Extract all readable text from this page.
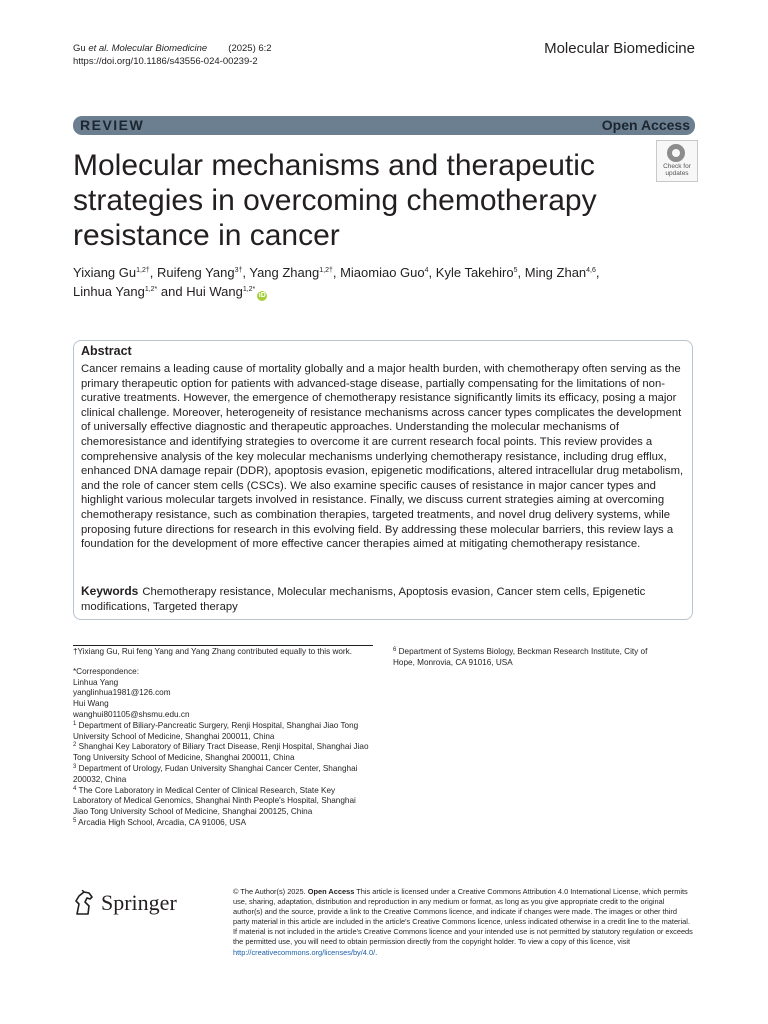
Gu et al. Molecular Biomedicine (2025) 6:2
https://doi.org/10.1186/s43556-024-00239-2
Molecular Biomedicine
REVIEW	Open Access
Molecular mechanisms and therapeutic strategies in overcoming chemotherapy resistance in cancer
Check for
updates
Yixiang $Gu^{1,2\dagger}$, Ruifeng Yang$^{3\dagger}$, Yang Zhang$^{1,2\dagger}$, Miaomiao Guo$^4$, Kyle Takehiro$^5$, Ming Zhan$^{4,6}$, Linhua Yang$^{1,2*}$ and Hui Wang$^{1,2*}$iD
Abstract
Cancer remains a leading cause of mortality globally and a major health burden, with chemotherapy often serving as the primary therapeutic option for patients with advanced-stage disease, partially compensating for the limitations of non-curative treatments. However, the emergence of chemotherapy resistance significantly limits its efficacy, posing a major clinical challenge. Moreover, heterogeneity of resistance mechanisms across cancer types complicates the development of universally effective diagnostic and therapeutic approaches. Understanding the molecular mechanisms of chemoresistance and identifying strategies to overcome it are current research focal points. This review provides a comprehensive analysis of the key molecular mechanisms underlying chemotherapy resistance, including drug efflux, enhanced DNA damage repair (DDR), apoptosis evasion, epigenetic modifications, altered intracellular drug metabolism, and the role of cancer stem cells (CSCs). We also examine specific causes of resistance in major cancer types and highlight various molecular targets involved in resistance. Finally, we discuss current strategies aiming at overcoming chemotherapy resistance, such as combination therapies, targeted treatments, and novel drug delivery systems, while proposing future directions for research in this evolving field. By addressing these molecular barriers, this review lays a foundation for the development of more effective cancer therapies aimed at mitigating chemotherapy resistance.
Keywords Chemotherapy resistance, Molecular mechanisms, Apoptosis evasion, Cancer stem cells, Epigenetic modifications, Targeted therapy
†Yixiang Gu, Rui feng Yang and Yang Zhang contributed equally to this work.
*Correspondence:
Linhua Yang
yanglinhua1981@126.com
Hui Wang
wanghui801105@shsmu.edu.cn
$^1$ Department of Biliary-Pancreatic Surgery, Renji Hospital, Shanghai Jiao Tong University School of Medicine, Shanghai 200011, China
$^2$ Shanghai Key Laboratory of Biliary Tract Disease, Renji Hospital, Shanghai Jiao Tong University School of Medicine, Shanghai 200011, China
$^3$ Department of Urology, Fudan University Shanghai Cancer Center, Shanghai 200032, China
$^4$ The Core Laboratory in Medical Center of Clinical Research, State Key Laboratory of Medical Genomics, Shanghai Ninth People's Hospital, Shanghai Jiao Tong University School of Medicine, Shanghai 200125, China
$^5$ Arcadia High School, Arcadia, CA 91006, USA
$^6$ Department of Systems Biology, Beckman Research Institute, City of Hope, Monrovia, CA 91016, USA
Springer	© The Author(s) 2025. Open Access This article is licensed under a Creative Commons Attribution 4.0 International License, which permits use, sharing, adaptation, distribution and reproduction in any medium or format, as long as you give appropriate credit to the original author(s) and the source, provide a link to the Creative Commons licence, and indicate if changes were made. The images or other third party material in this article are included in the article's Creative Commons licence, unless indicated otherwise in a credit line to the material. If material is not included in the article's Creative Commons licence and your intended use is not permitted by statutory regulation or exceeds the permitted use, you will need to obtain permission directly from the copyright holder. To view a copy of this licence, visit http://creativecommons.org/licenses/by/4.0/.
